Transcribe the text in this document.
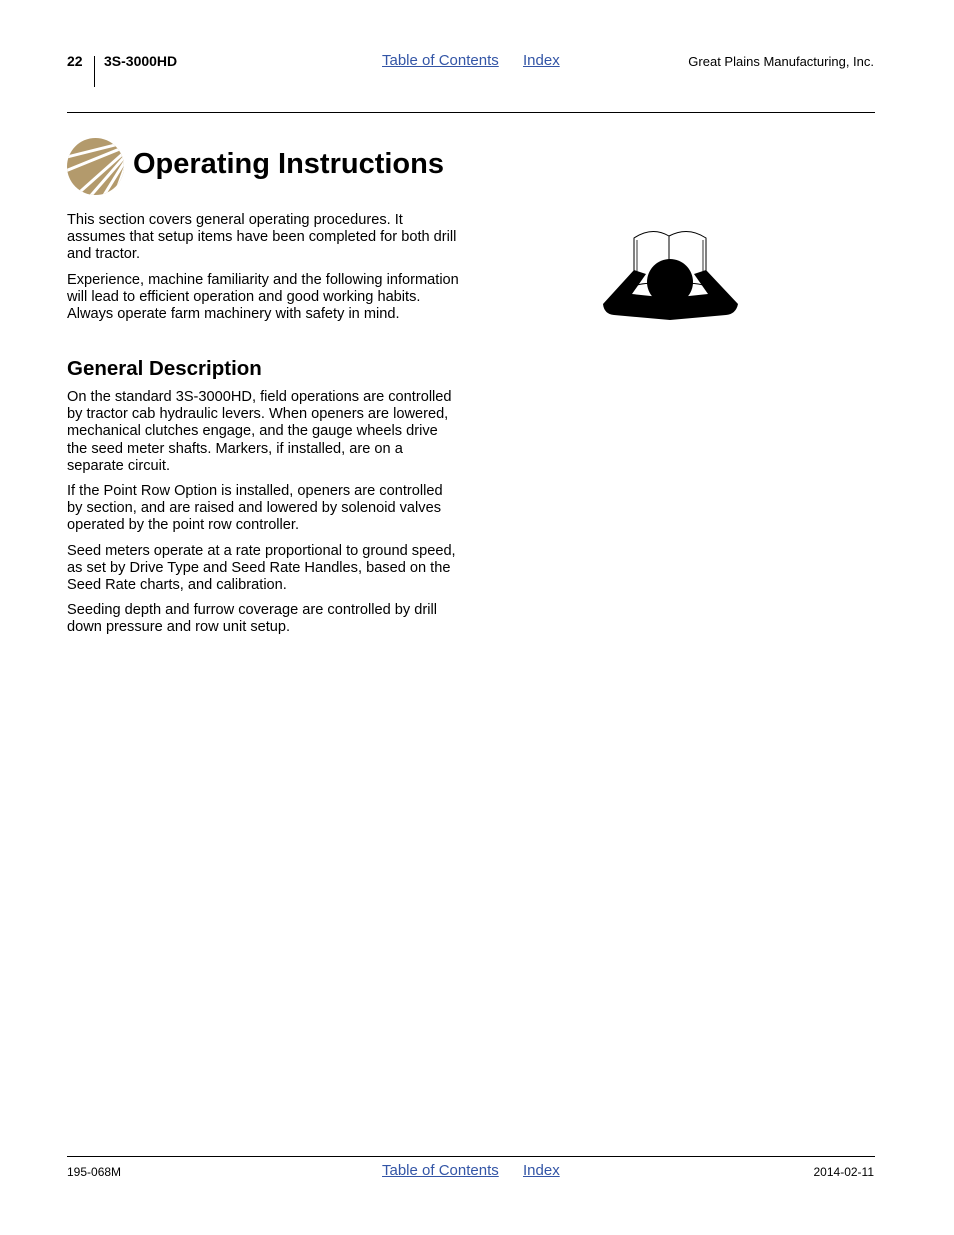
22 3S-3000HD	Table of Contents Index	Great Plains Manufacturing, Inc.
Operating Instructions

This section covers general operating procedures. It assumes that setup items have been completed for both drill and tractor.

Experience, machine familiarity and the following information will lead to efficient operation and good working habits. Always operate farm machinery with safety in mind.

General Description

On the standard 3S-3000HD, field operations are controlled by tractor cab hydraulic levers. When openers are lowered, mechanical clutches engage, and the gauge wheels drive the seed meter shafts. Markers, if installed, are on a separate circuit.

If the Point Row Option is installed, openers are controlled by section, and are raised and lowered by solenoid valves operated by the point row controller.

Seed meters operate at a rate proportional to ground speed, as set by Drive Type and Seed Rate Handles, based on the Seed Rate charts, and calibration.

Seeding depth and furrow coverage are controlled by drill down pressure and row unit setup.

195-068M	Table of Contents Index	2014-02-11
